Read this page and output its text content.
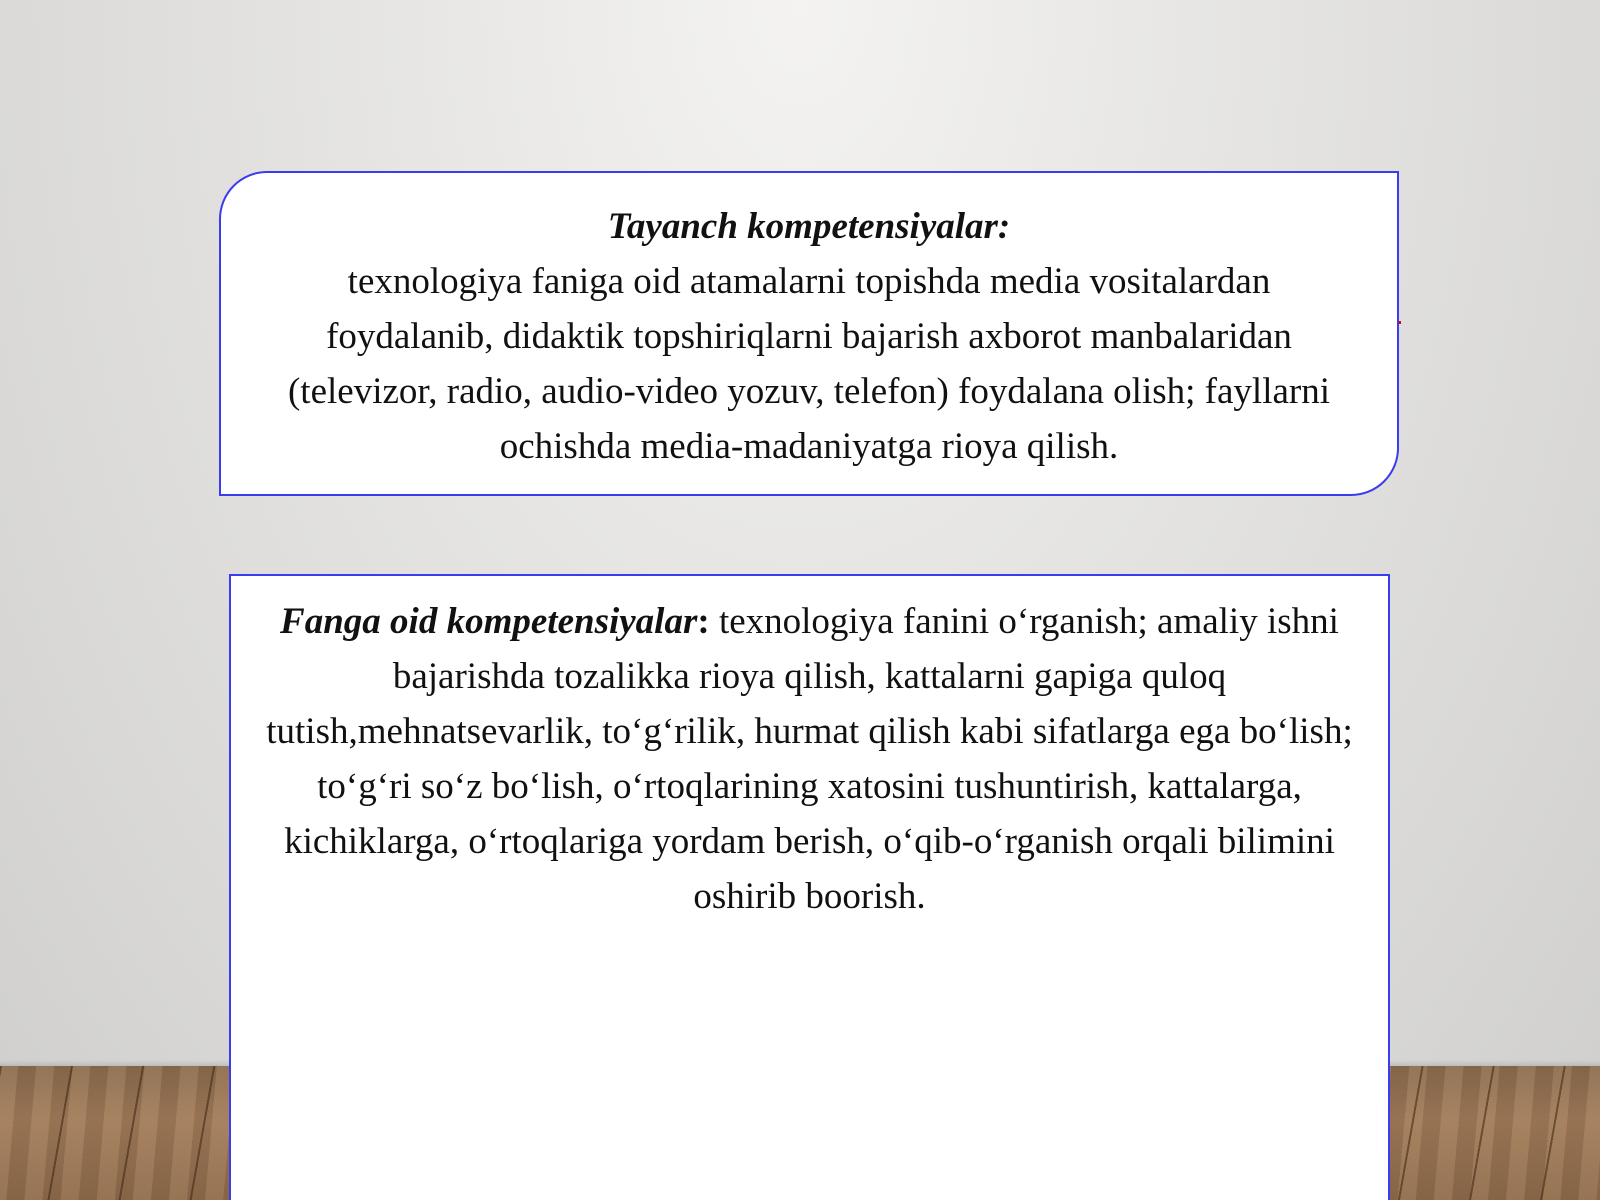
Tayanch kompetensiyalar:
texnologiya faniga oid atamalarni topishda media vositalardan foydalanib, didaktik topshiriqlarni bajarish axborot manbalaridan (televizor, radio, audio-video yozuv, telefon) foydalana olish; fayllarni ochishda media-madaniyatga rioya qilish.
Fanga oid kompetensiyalar: texnologiya fanini o‘rganish; amaliy ishni bajarishda tozalikka rioya qilish, kattalarni gapiga quloq tutish,mehnatsevarlik, to‘g‘rilik, hurmat qilish kabi sifatlarga ega bo‘lish; to‘g‘ri so‘z bo‘lish, o‘rtoqlarining xatosini tushuntirish, kattalarga, kichiklarga, o‘rtoqlariga yordam berish, o‘qib-o‘rganish orqali bilimini oshirib boorish.
